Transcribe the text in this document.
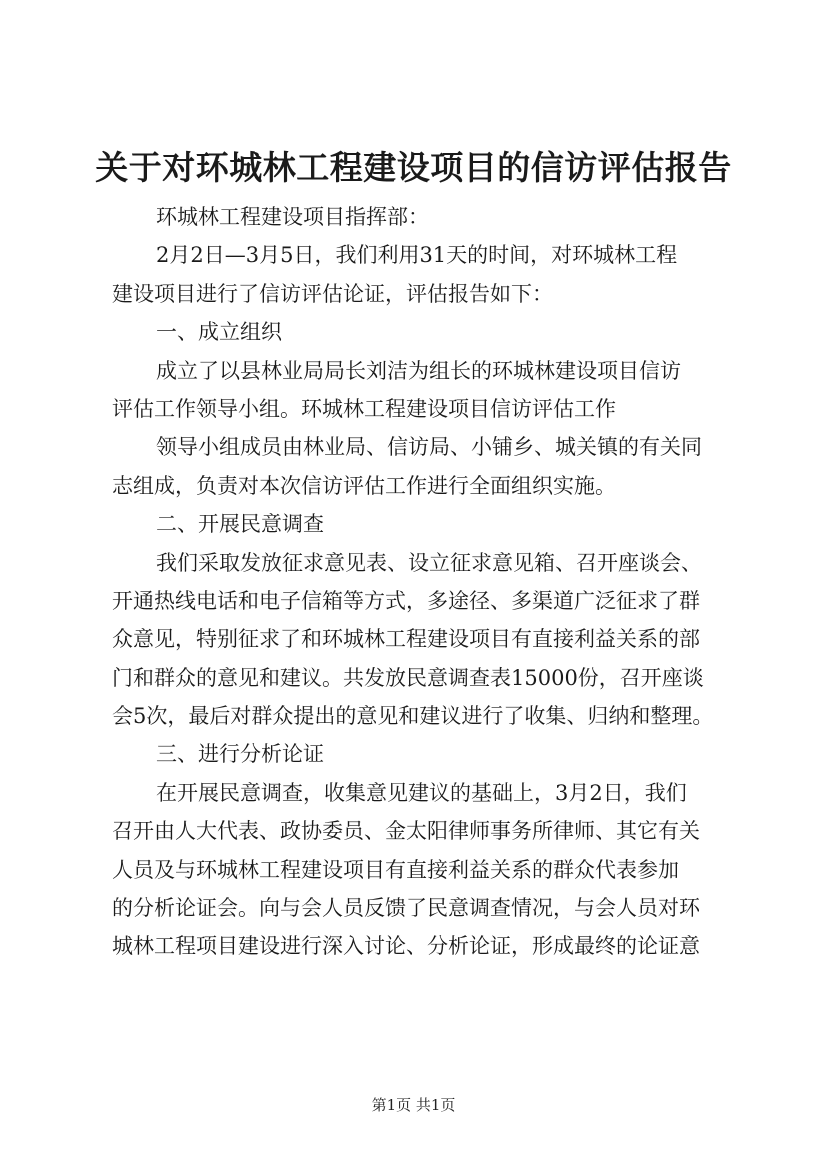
关于对环城林工程建设项目的信访评估报告
环城林工程建设项目指挥部：
2月2日—3月5日，我们利用31天的时间，对环城林工程
建设项目进行了信访评估论证，评估报告如下：
一、成立组织
成立了以县林业局局长刘洁为组长的环城林建设项目信访
评估工作领导小组。环城林工程建设项目信访评估工作
领导小组成员由林业局、信访局、小铺乡、城关镇的有关同
志组成，负责对本次信访评估工作进行全面组织实施。
二、开展民意调查
我们采取发放征求意见表、设立征求意见箱、召开座谈会、
开通热线电话和电子信箱等方式，多途径、多渠道广泛征求了群
众意见，特别征求了和环城林工程建设项目有直接利益关系的部
门和群众的意见和建议。共发放民意调查表15000份，召开座谈
会5次，最后对群众提出的意见和建议进行了收集、归纳和整理。
三、进行分析论证
在开展民意调查，收集意见建议的基础上，3月2日，我们
召开由人大代表、政协委员、金太阳律师事务所律师、其它有关
人员及与环城林工程建设项目有直接利益关系的群众代表参加
的分析论证会。向与会人员反馈了民意调查情况，与会人员对环
城林工程项目建设进行深入讨论、分析论证，形成最终的论证意
第1页 共1页
